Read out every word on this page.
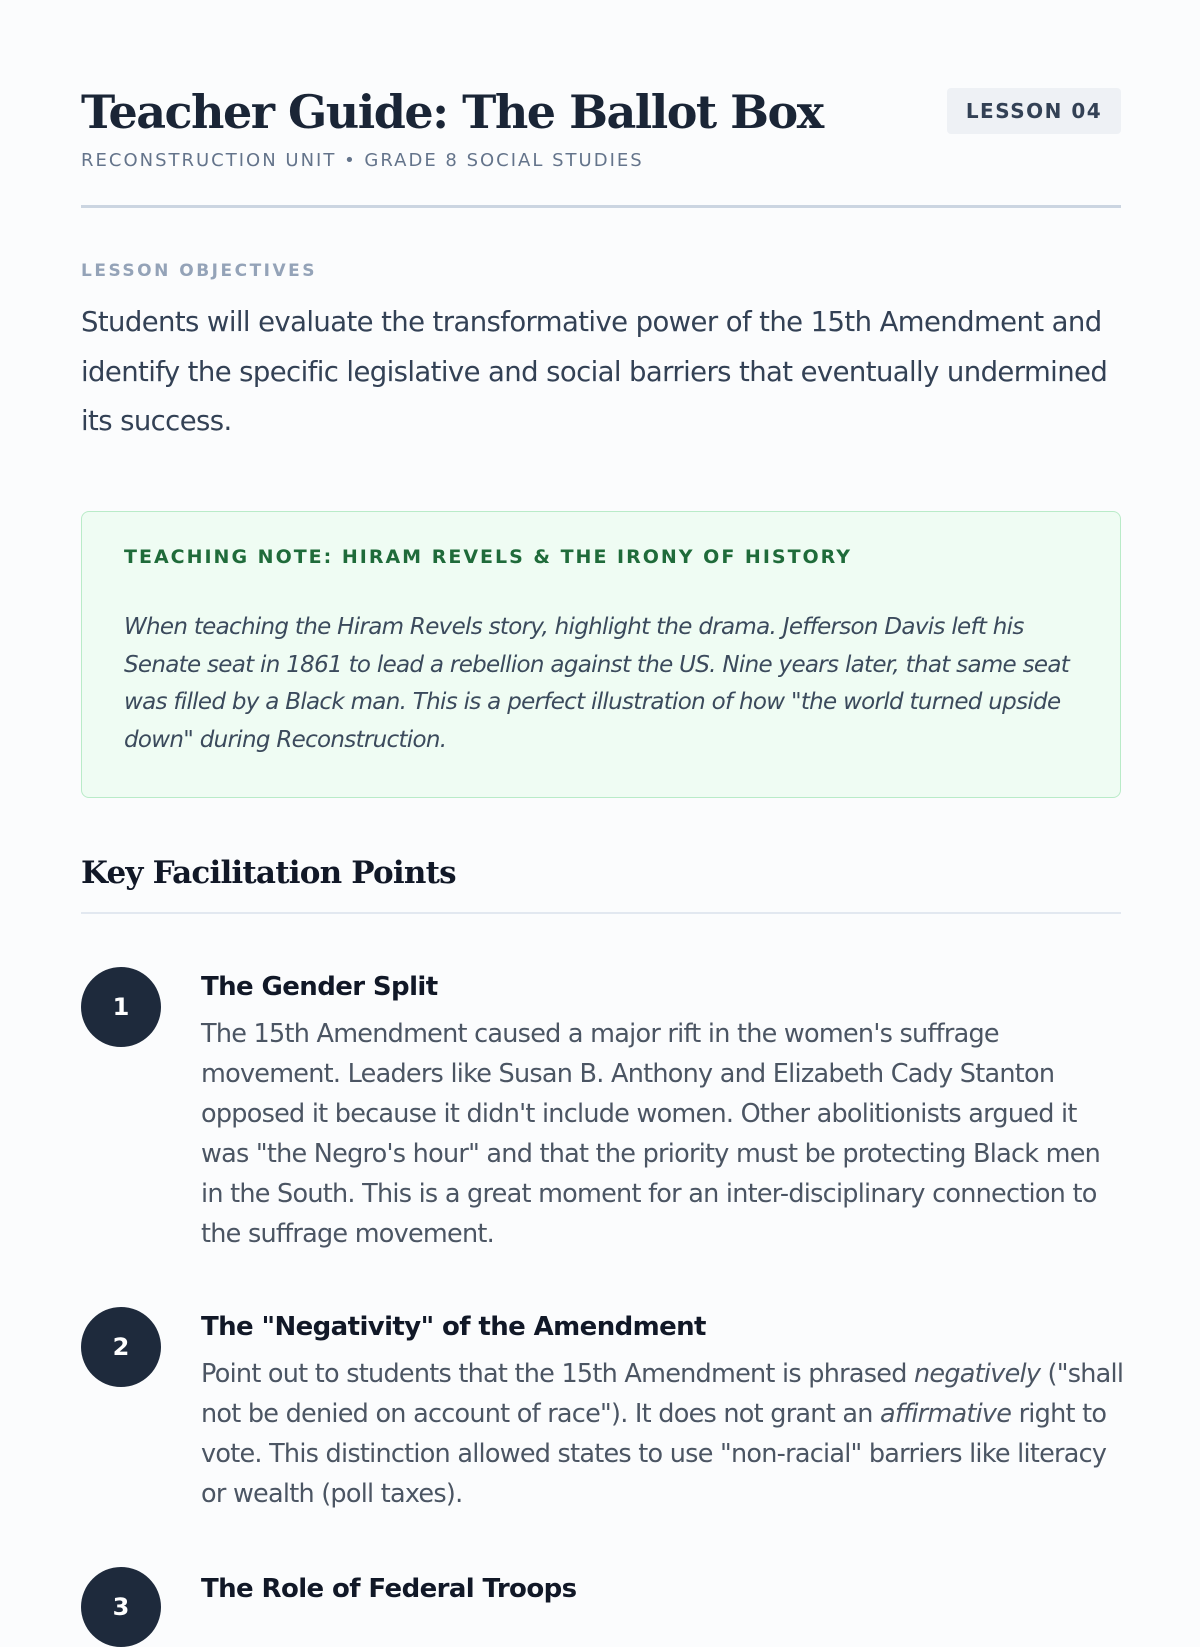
Teacher Guide: The Ballot Box
RECONSTRUCTION UNIT • GRADE 8 SOCIAL STUDIES
LESSON 04
LESSON OBJECTIVES

Students will evaluate the transformative power of the 15th Amendment and identify the specific legislative and social barriers that eventually undermined its success.

TEACHING NOTE: HIRAM REVELS & THE IRONY OF HISTORY

When teaching the Hiram Revels story, highlight the drama. Jefferson Davis left his Senate seat in 1861 to lead a rebellion against the US. Nine years later, that same seat was filled by a Black man. This is a perfect illustration of how "the world turned upside down" during Reconstruction.

Key Facilitation Points
1
The Gender Split

The 15th Amendment caused a major rift in the women's suffrage movement. Leaders like Susan B. Anthony and Elizabeth Cady Stanton opposed it because it didn't include women. Other abolitionists argued it was "the Negro's hour" and that the priority must be protecting Black men in the South. This is a great moment for an inter-disciplinary connection to the suffrage movement.

2
The "Negativity" of the Amendment

Point out to students that the 15th Amendment is phrased negatively ("shall not be denied on account of race"). It does not grant an affirmative right to vote. This distinction allowed states to use "non-racial" barriers like literacy or wealth (poll taxes).

3
The Role of Federal Troops
